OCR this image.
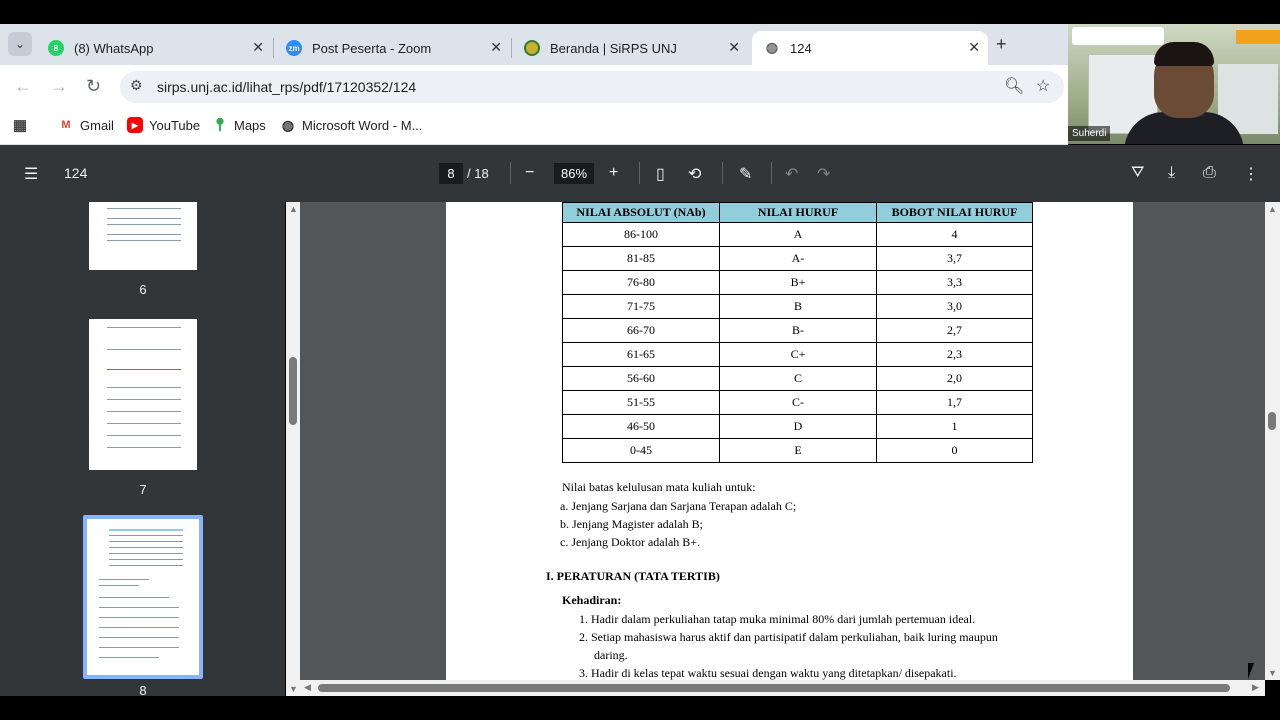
⌄	8	(8) WhatsApp	✕	zm Post Peserta - Zoom	✕	Beranda | SiRPS UNJ	✕ ◍ 124	✕ +
← → ↻ ⚙ sirps.unj.ac.id/lihat_rps/pdf/17120352/124	🔍︎ ☆
▦	M Gmail	▶ YouTube 📍︎ Maps ◍ Microsoft Word - M...
Suherdi
☰ 124	8 / 18 −	86%	+ ▯ ⟲ ✎ ↶ ↷	⛛ ⤓ ⎙ ⋮
6
7
8
▲
▼
NILAI ABSOLUT (NAb)	NILAI HURUF	BOBOT NILAI HURUF
86-100	A	4
81-85	A-	3,7
76-80	B+	3,3
71-75	B	3,0
66-70	B-	2,7
61-65	C+	2,3
56-60	C	2,0
51-55	C-	1,7
46-50	D	1
0-45	E	0
Nilai batas kelulusan mata kuliah untuk:
a. Jenjang Sarjana dan Sarjana Terapan adalah C;
b. Jenjang Magister adalah B;
c. Jenjang Doktor adalah B+.
I. PERATURAN (TATA TERTIB)
Kehadiran:
1. Hadir dalam perkuliahan tatap muka minimal 80% dari jumlah pertemuan ideal.
2. Setiap mahasiswa harus aktif dan partisipatif dalam perkuliahan, baik luring maupun
daring.
3. Hadir di kelas tepat waktu sesuai dengan waktu yang ditetapkan/ disepakati.
▲
▼
◀	▶
